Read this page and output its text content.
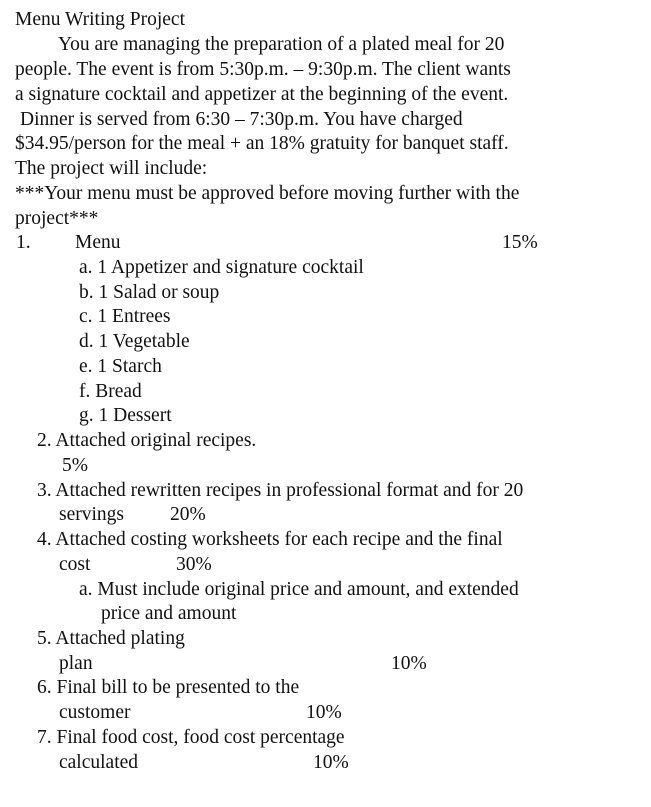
Menu Writing Project
You are managing the preparation of a plated meal for 20
people. The event is from 5:30p.m. – 9:30p.m. The client wants
a signature cocktail and appetizer at the beginning of the event.
Dinner is served from 6:30 – 7:30p.m. You have charged
$34.95/person for the meal + an 18% gratuity for banquet staff.
The project will include:
***Your menu must be approved before moving further with the
project***
1. Menu	15%
a. 1 Appetizer and signature cocktail
b. 1 Salad or soup
c. 1 Entrees
d. 1 Vegetable
e. 1 Starch
f. Bread
g. 1 Dessert
2. Attached original recipes.
5%
3. Attached rewritten recipes in professional format and for 20
servings 20%
4. Attached costing worksheets for each recipe and the final
cost	30%
a. Must include original price and amount, and extended
price and amount
5. Attached plating
plan	10%
6. Final bill to be presented to the
customer	10%
7. Final food cost, food cost percentage
calculated	10%
